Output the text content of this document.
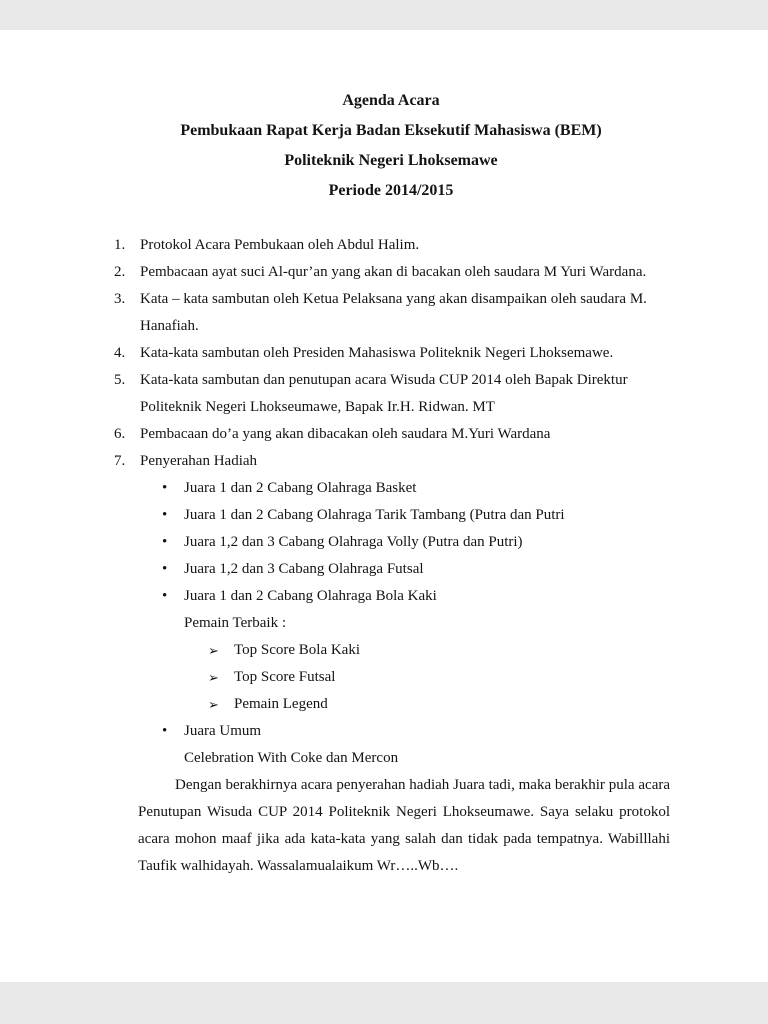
Agenda Acara
Pembukaan Rapat Kerja Badan Eksekutif Mahasiswa (BEM)
Politeknik Negeri Lhoksemawe
Periode 2014/2015
Protokol Acara Pembukaan oleh Abdul Halim.
Pembacaan ayat suci Al-qur’an yang akan di bacakan oleh saudara M Yuri Wardana.
Kata – kata sambutan oleh Ketua Pelaksana yang akan disampaikan oleh saudara M. Hanafiah.
Kata-kata sambutan oleh Presiden Mahasiswa Politeknik Negeri Lhoksemawe.
Kata-kata sambutan dan penutupan acara Wisuda CUP 2014 oleh Bapak Direktur Politeknik Negeri Lhokseumawe, Bapak Ir.H. Ridwan. MT
Pembacaan do’a yang akan dibacakan oleh saudara M.Yuri Wardana
Penyerahan Hadiah
• Juara 1 dan 2 Cabang Olahraga Basket
• Juara 1 dan 2 Cabang Olahraga Tarik Tambang (Putra dan Putri
• Juara 1,2 dan 3 Cabang Olahraga Volly (Putra dan Putri)
• Juara 1,2 dan 3 Cabang Olahraga Futsal
• Juara 1 dan 2 Cabang Olahraga Bola Kaki
Pemain Terbaik :
➢ Top Score Bola Kaki
➢ Top Score Futsal
➢ Pemain Legend
• Juara Umum
Celebration With Coke dan Mercon

Dengan berakhirnya acara penyerahan hadiah Juara tadi, maka berakhir pula acara Penutupan Wisuda CUP 2014 Politeknik Negeri Lhokseumawe. Saya selaku protokol acara mohon maaf jika ada kata-kata yang salah dan tidak pada tempatnya. Wabilllahi Taufik walhidayah. Wassalamualaikum Wr…..Wb….
